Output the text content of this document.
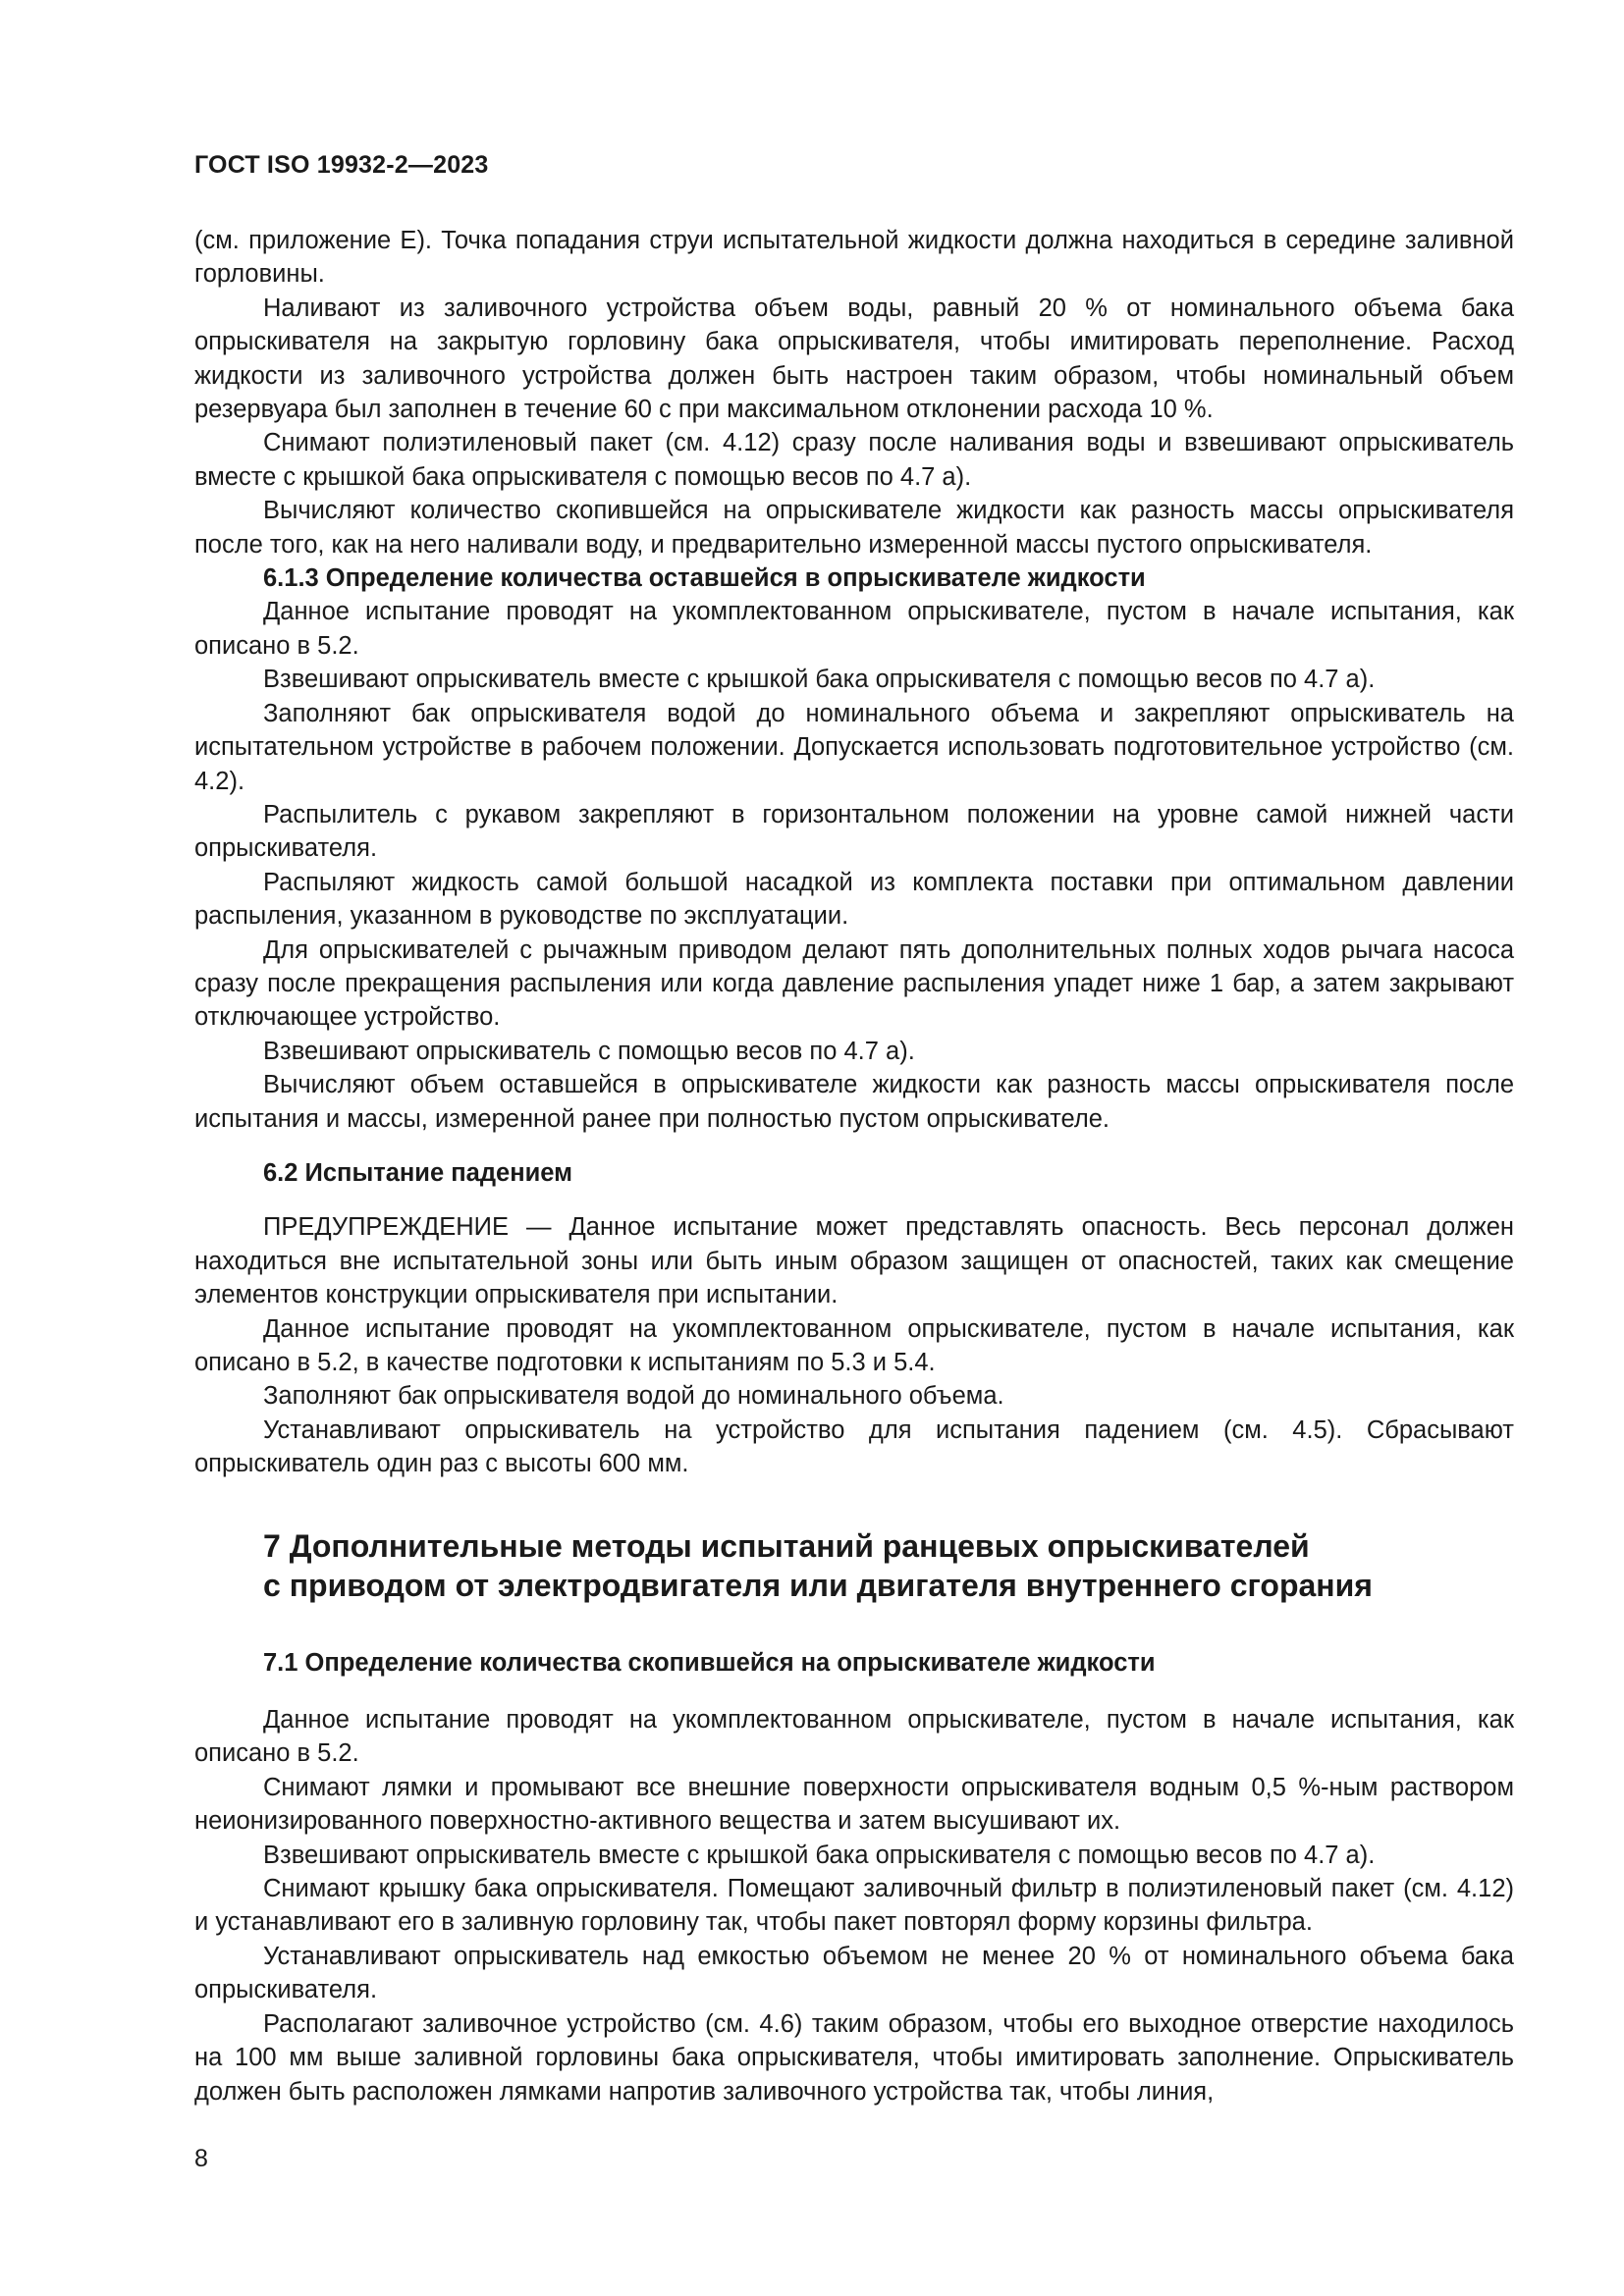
ГОСТ ISO 19932-2—2023

(см. приложение Е). Точка попадания струи испытательной жидкости должна находиться в середине заливной горловины.

Наливают из заливочного устройства объем воды, равный 20 % от номинального объема бака опрыскивателя на закрытую горловину бака опрыскивателя, чтобы имитировать переполнение. Расход жидкости из заливочного устройства должен быть настроен таким образом, чтобы номинальный объем резервуара был заполнен в течение 60 с при максимальном отклонении расхода 10 %.

Снимают полиэтиленовый пакет (см. 4.12) сразу после наливания воды и взвешивают опрыскиватель вместе с крышкой бака опрыскивателя с помощью весов по 4.7 а).

Вычисляют количество скопившейся на опрыскивателе жидкости как разность массы опрыскивателя после того, как на него наливали воду, и предварительно измеренной массы пустого опрыскивателя.

6.1.3 Определение количества оставшейся в опрыскивателе жидкости

Данное испытание проводят на укомплектованном опрыскивателе, пустом в начале испытания, как описано в 5.2.

Взвешивают опрыскиватель вместе с крышкой бака опрыскивателя с помощью весов по 4.7 а).

Заполняют бак опрыскивателя водой до номинального объема и закрепляют опрыскиватель на испытательном устройстве в рабочем положении. Допускается использовать подготовительное устройство (см. 4.2).

Распылитель с рукавом закрепляют в горизонтальном положении на уровне самой нижней части опрыскивателя.

Распыляют жидкость самой большой насадкой из комплекта поставки при оптимальном давлении распыления, указанном в руководстве по эксплуатации.

Для опрыскивателей с рычажным приводом делают пять дополнительных полных ходов рычага насоса сразу после прекращения распыления или когда давление распыления упадет ниже 1 бар, а затем закрывают отключающее устройство.

Взвешивают опрыскиватель с помощью весов по 4.7 а).

Вычисляют объем оставшейся в опрыскивателе жидкости как разность массы опрыскивателя после испытания и массы, измеренной ранее при полностью пустом опрыскивателе.

6.2 Испытание падением

ПРЕДУПРЕЖДЕНИЕ — Данное испытание может представлять опасность. Весь персонал должен находиться вне испытательной зоны или быть иным образом защищен от опасностей, таких как смещение элементов конструкции опрыскивателя при испытании.

Данное испытание проводят на укомплектованном опрыскивателе, пустом в начале испытания, как описано в 5.2, в качестве подготовки к испытаниям по 5.3 и 5.4.

Заполняют бак опрыскивателя водой до номинального объема.

Устанавливают опрыскиватель на устройство для испытания падением (см. 4.5). Сбрасывают опрыскиватель один раз с высоты 600 мм.

7 Дополнительные методы испытаний ранцевых опрыскивателей
с приводом от электродвигателя или двигателя внутреннего сгорания

7.1 Определение количества скопившейся на опрыскивателе жидкости

Данное испытание проводят на укомплектованном опрыскивателе, пустом в начале испытания, как описано в 5.2.

Снимают лямки и промывают все внешние поверхности опрыскивателя водным 0,5 %-ным раствором неионизированного поверхностно-активного вещества и затем высушивают их.

Взвешивают опрыскиватель вместе с крышкой бака опрыскивателя с помощью весов по 4.7 а).

Снимают крышку бака опрыскивателя. Помещают заливочный фильтр в полиэтиленовый пакет (см. 4.12) и устанавливают его в заливную горловину так, чтобы пакет повторял форму корзины фильтра.

Устанавливают опрыскиватель над емкостью объемом не менее 20 % от номинального объема бака опрыскивателя.

Располагают заливочное устройство (см. 4.6) таким образом, чтобы его выходное отверстие находилось на 100 мм выше заливной горловины бака опрыскивателя, чтобы имитировать заполнение. Опрыскиватель должен быть расположен лямками напротив заливочного устройства так, чтобы линия,

8
